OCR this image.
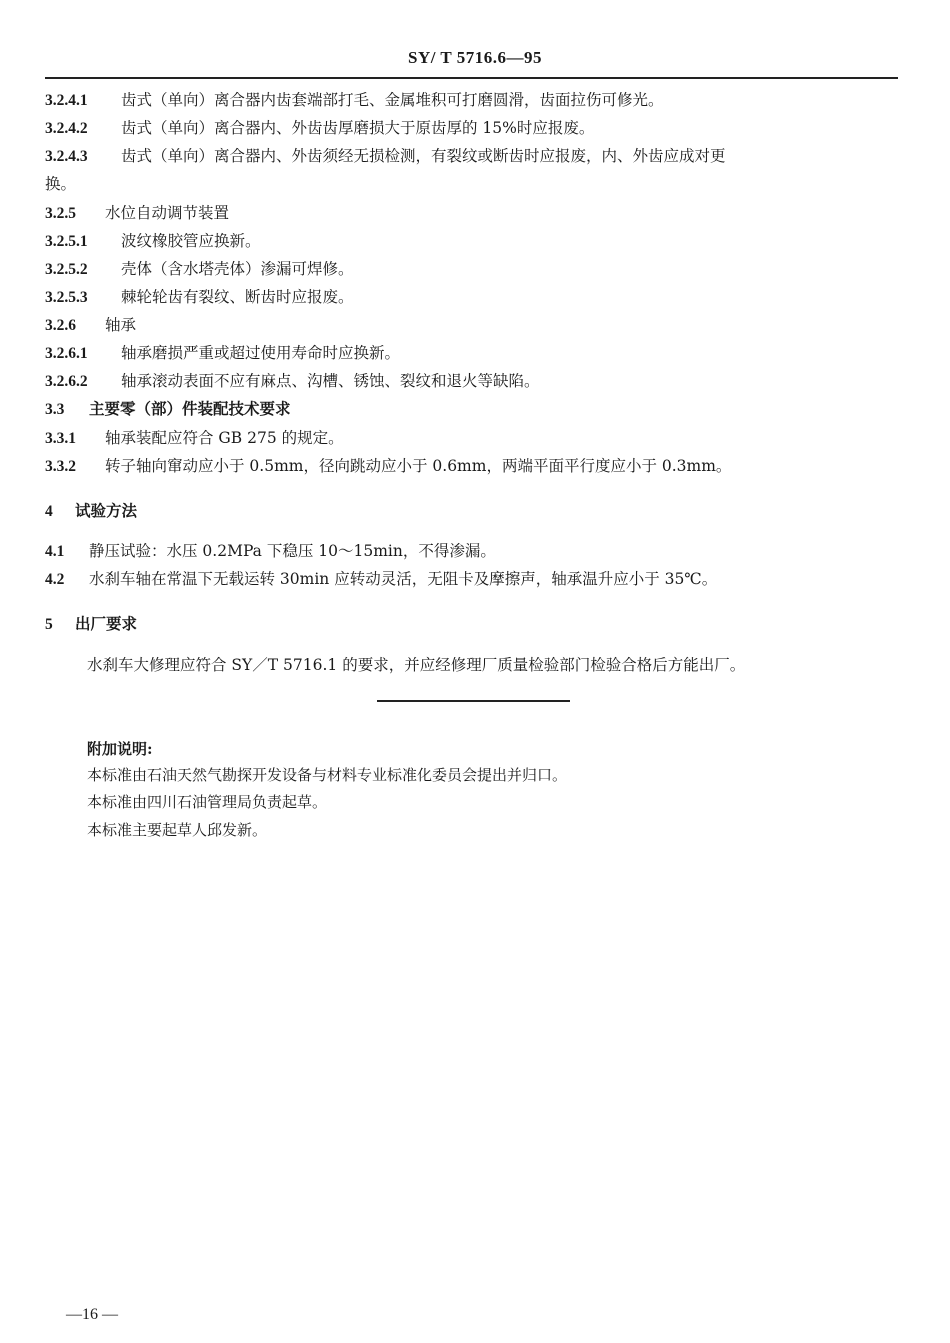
SY/ T 5716.6—95
3.2.4.1 齿式（单向）离合器内齿套端部打毛、金属堆积可打磨圆滑，齿面拉伤可修光。
3.2.4.2 齿式（单向）离合器内、外齿齿厚磨损大于原齿厚的 15%时应报废。
3.2.4.3 齿式（单向）离合器内、外齿须经无损检测，有裂纹或断齿时应报废，内、外齿应成对更
换。
3.2.5 水位自动调节装置
3.2.5.1 波纹橡胶管应换新。
3.2.5.2 壳体（含水塔壳体）渗漏可焊修。
3.2.5.3 棘轮轮齿有裂纹、断齿时应报废。
3.2.6 轴承
3.2.6.1 轴承磨损严重或超过使用寿命时应换新。
3.2.6.2 轴承滚动表面不应有麻点、沟槽、锈蚀、裂纹和退火等缺陷。
3.3 主要零（部）件装配技术要求
3.3.1 轴承装配应符合 GB 275 的规定。
3.3.2 转子轴向窜动应小于 0.5mm，径向跳动应小于 0.6mm，两端平面平行度应小于 0.3mm。
4 试验方法
4.1 静压试验：水压 0.2MPa 下稳压 10～15min，不得渗漏。
4.2 水刹车轴在常温下无载运转 30min 应转动灵活，无阻卡及摩擦声，轴承温升应小于 35℃。
5 出厂要求
水刹车大修理应符合 SY／T 5716.1 的要求，并应经修理厂质量检验部门检验合格后方能出厂。
附加说明:
本标准由石油天然气勘探开发设备与材料专业标准化委员会提出并归口。
本标准由四川石油管理局负责起草。
本标准主要起草人邱发新。
—16 —
